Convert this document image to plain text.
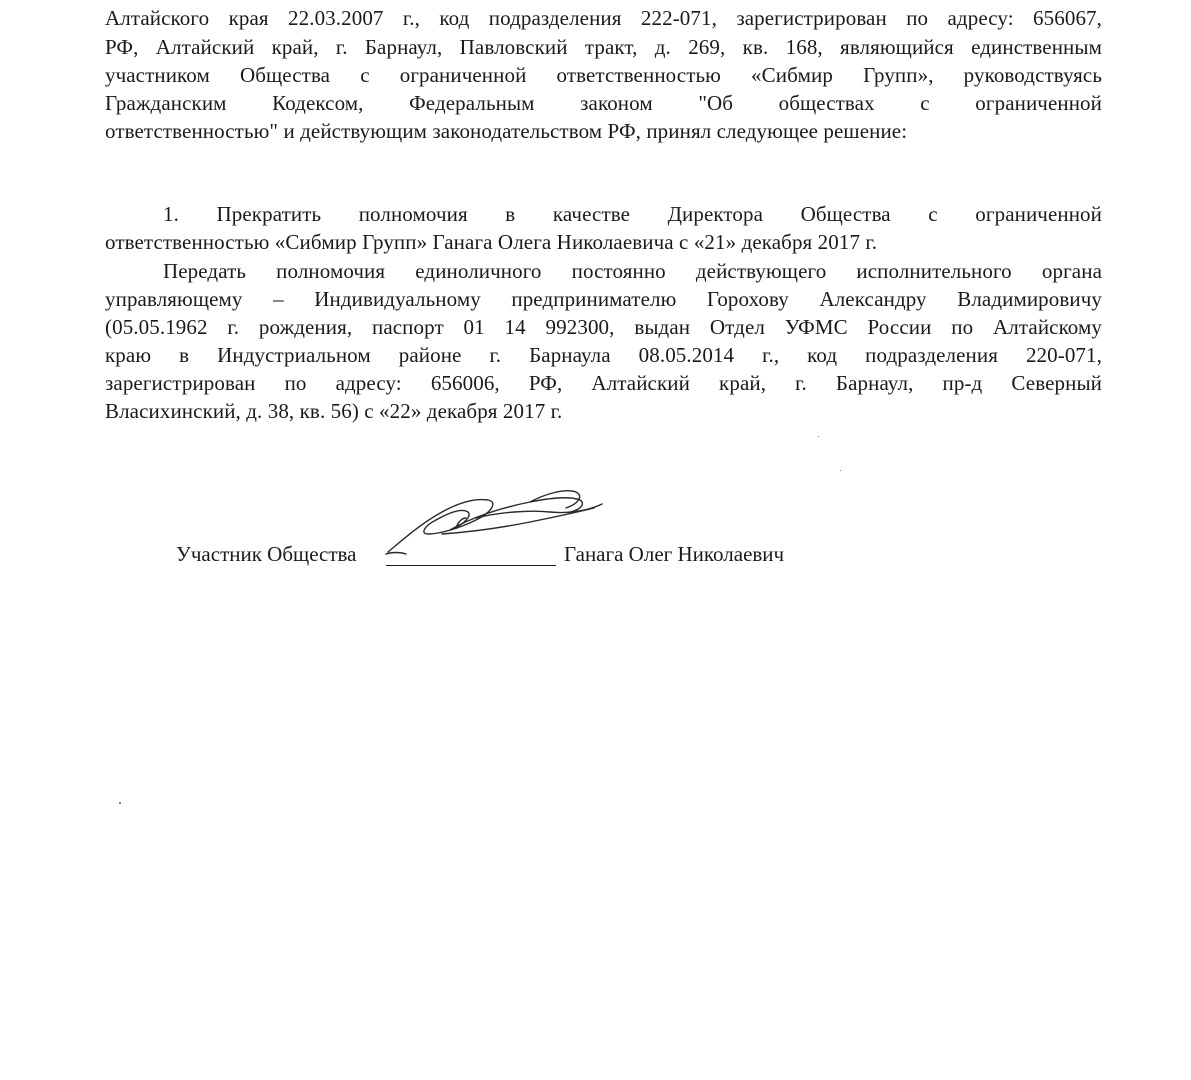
Алтайского края 22.03.2007 г., код подразделения 222-071, зарегистрирован по адресу: 656067,
РФ, Алтайский край, г. Барнаул, Павловский тракт, д. 269, кв. 168, являющийся единственным
участником Общества с ограниченной ответственностью «Сибмир Групп», руководствуясь
Гражданским Кодексом, Федеральным законом "Об обществах с ограниченной
ответственностью" и действующим законодательством РФ, принял следующее решение:
1. Прекратить полномочия в качестве Директора Общества с ограниченной
ответственностью «Сибмир Групп» Ганага Олега Николаевича с «21» декабря 2017 г.
Передать полномочия единоличного постоянно действующего исполнительного органа
управляющему – Индивидуальному предпринимателю Горохову Александру Владимировичу
(05.05.1962 г. рождения, паспорт 01 14 992300, выдан Отдел УФМС России по Алтайскому
краю в Индустриальном районе г. Барнаула 08.05.2014 г., код подразделения 220-071,
зарегистрирован по адресу: 656006, РФ, Алтайский край, г. Барнаул, пр-д Северный
Власихинский, д. 38, кв. 56) с «22» декабря 2017 г.
Участник Общества	Ганага Олег Николаевич
